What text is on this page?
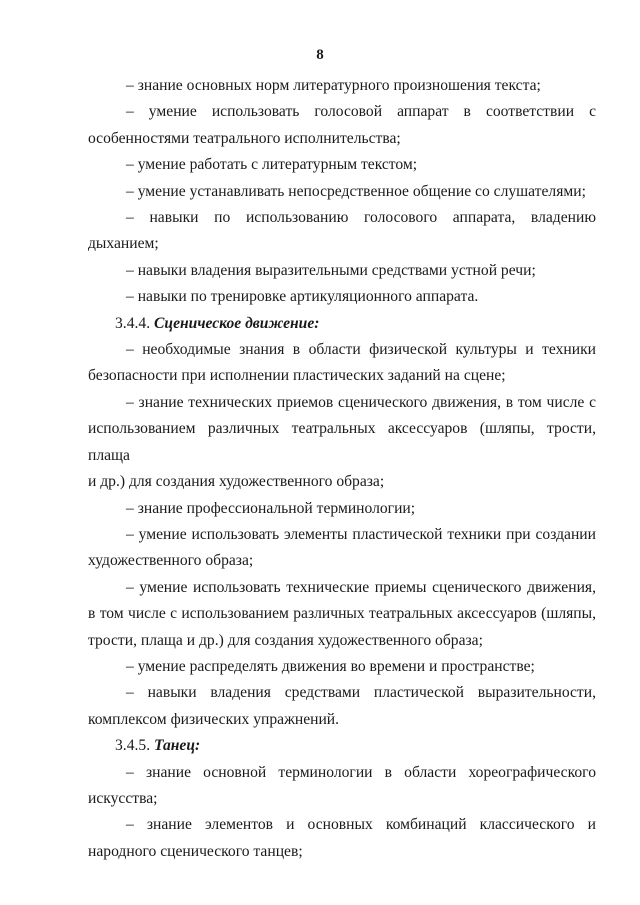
8

– знание основных норм литературного произношения текста;

– умение использовать голосовой аппарат в соответствии с

особенностями театрального исполнительства;

– умение работать с литературным текстом;

– умение устанавливать непосредственное общение со слушателями;

– навыки по использованию голосового аппарата, владению

дыханием;

– навыки владения выразительными средствами устной речи;

– навыки по тренировке артикуляционного аппарата.

3.4.4. Сценическое движение:

– необходимые знания в области физической культуры и техники

безопасности при исполнении пластических заданий на сцене;

– знание технических приемов сценического движения, в том числе с

использованием различных театральных аксессуаров (шляпы, трости, плаща

и др.) для создания художественного образа;

– знание профессиональной терминологии;

– умение использовать элементы пластической техники при создании

художественного образа;

– умение использовать технические приемы сценического движения,

в том числе с использованием различных театральных аксессуаров (шляпы,

трости, плаща и др.) для создания художественного образа;

– умение распределять движения во времени и пространстве;

– навыки владения средствами пластической выразительности,

комплексом физических упражнений.

3.4.5. Танец:

– знание основной терминологии в области хореографического

искусства;

– знание элементов и основных комбинаций классического и

народного сценического танцев;
